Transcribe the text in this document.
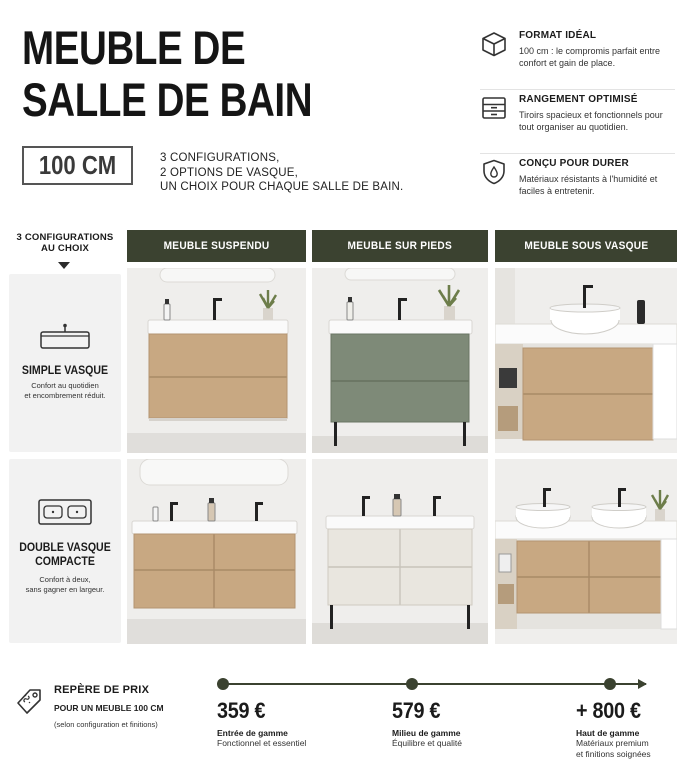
MEUBLE DE
SALLE DE BAIN
100 CM	3 CONFIGURATIONS,
2 OPTIONS DE VASQUE,
UN CHOIX POUR CHAQUE SALLE DE BAIN.
FORMAT IDÉAL
100 cm : le compromis parfait entre confort et gain de place.
RANGEMENT OPTIMISÉ
Tiroirs spacieux et fonctionnels pour tout organiser au quotidien.
CONÇU POUR DURER
Matériaux résistants à l'humidité et faciles à entretenir.
3 CONFIGURATIONS
AU CHOIX	MEUBLE SUSPENDU	MEUBLE SUR PIEDS	MEUBLE SOUS VASQUE
SIMPLE VASQUE
Confort au quotidien
et encombrement réduit.
DOUBLE VASQUE
COMPACTE
Confort à deux,
sans gagner en largeur.
REPÈRE DE PRIX
POUR UN MEUBLE 100 CM
(selon configuration et finitions)
359 €
Entrée de gamme
Fonctionnel et essentiel
579 €
Milieu de gamme
Équilibre et qualité
+ 800 €
Haut de gamme
Matériaux premium
et finitions soignées
